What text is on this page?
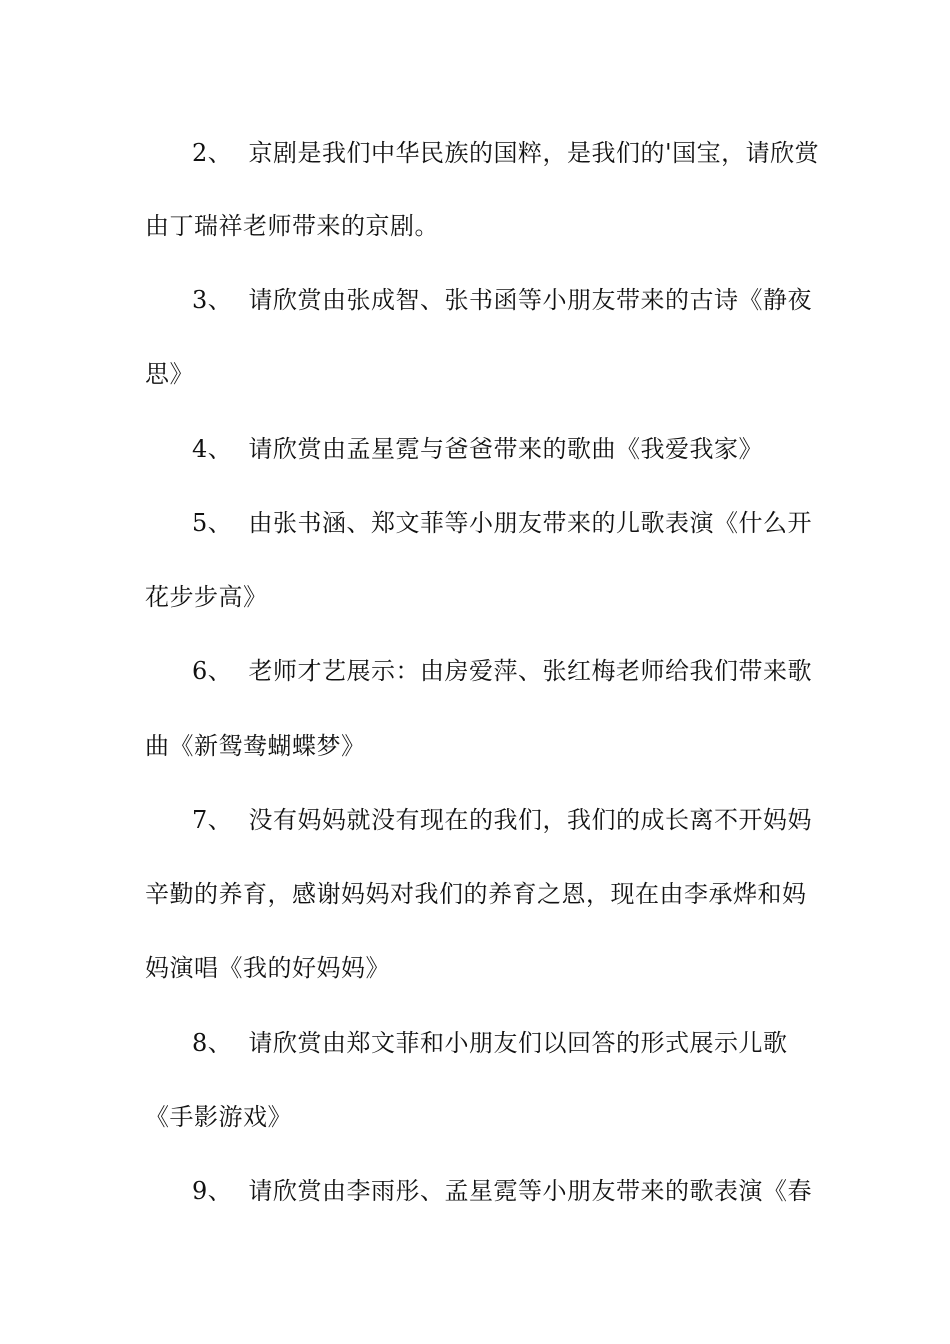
2、 京剧是我们中华民族的国粹，是我们的'国宝，请欣赏
由丁瑞祥老师带来的京剧。
3、 请欣赏由张成智、张书函等小朋友带来的古诗《静夜
思》
4、 请欣赏由孟星霓与爸爸带来的歌曲《我爱我家》
5、 由张书涵、郑文菲等小朋友带来的儿歌表演《什么开
花步步高》
6、 老师才艺展示：由房爱萍、张红梅老师给我们带来歌
曲《新鸳鸯蝴蝶梦》
7、 没有妈妈就没有现在的我们，我们的成长离不开妈妈
辛勤的养育，感谢妈妈对我们的养育之恩，现在由李承烨和妈
妈演唱《我的好妈妈》
8、 请欣赏由郑文菲和小朋友们以回答的形式展示儿歌
《手影游戏》
9、 请欣赏由李雨彤、孟星霓等小朋友带来的歌表演《春
